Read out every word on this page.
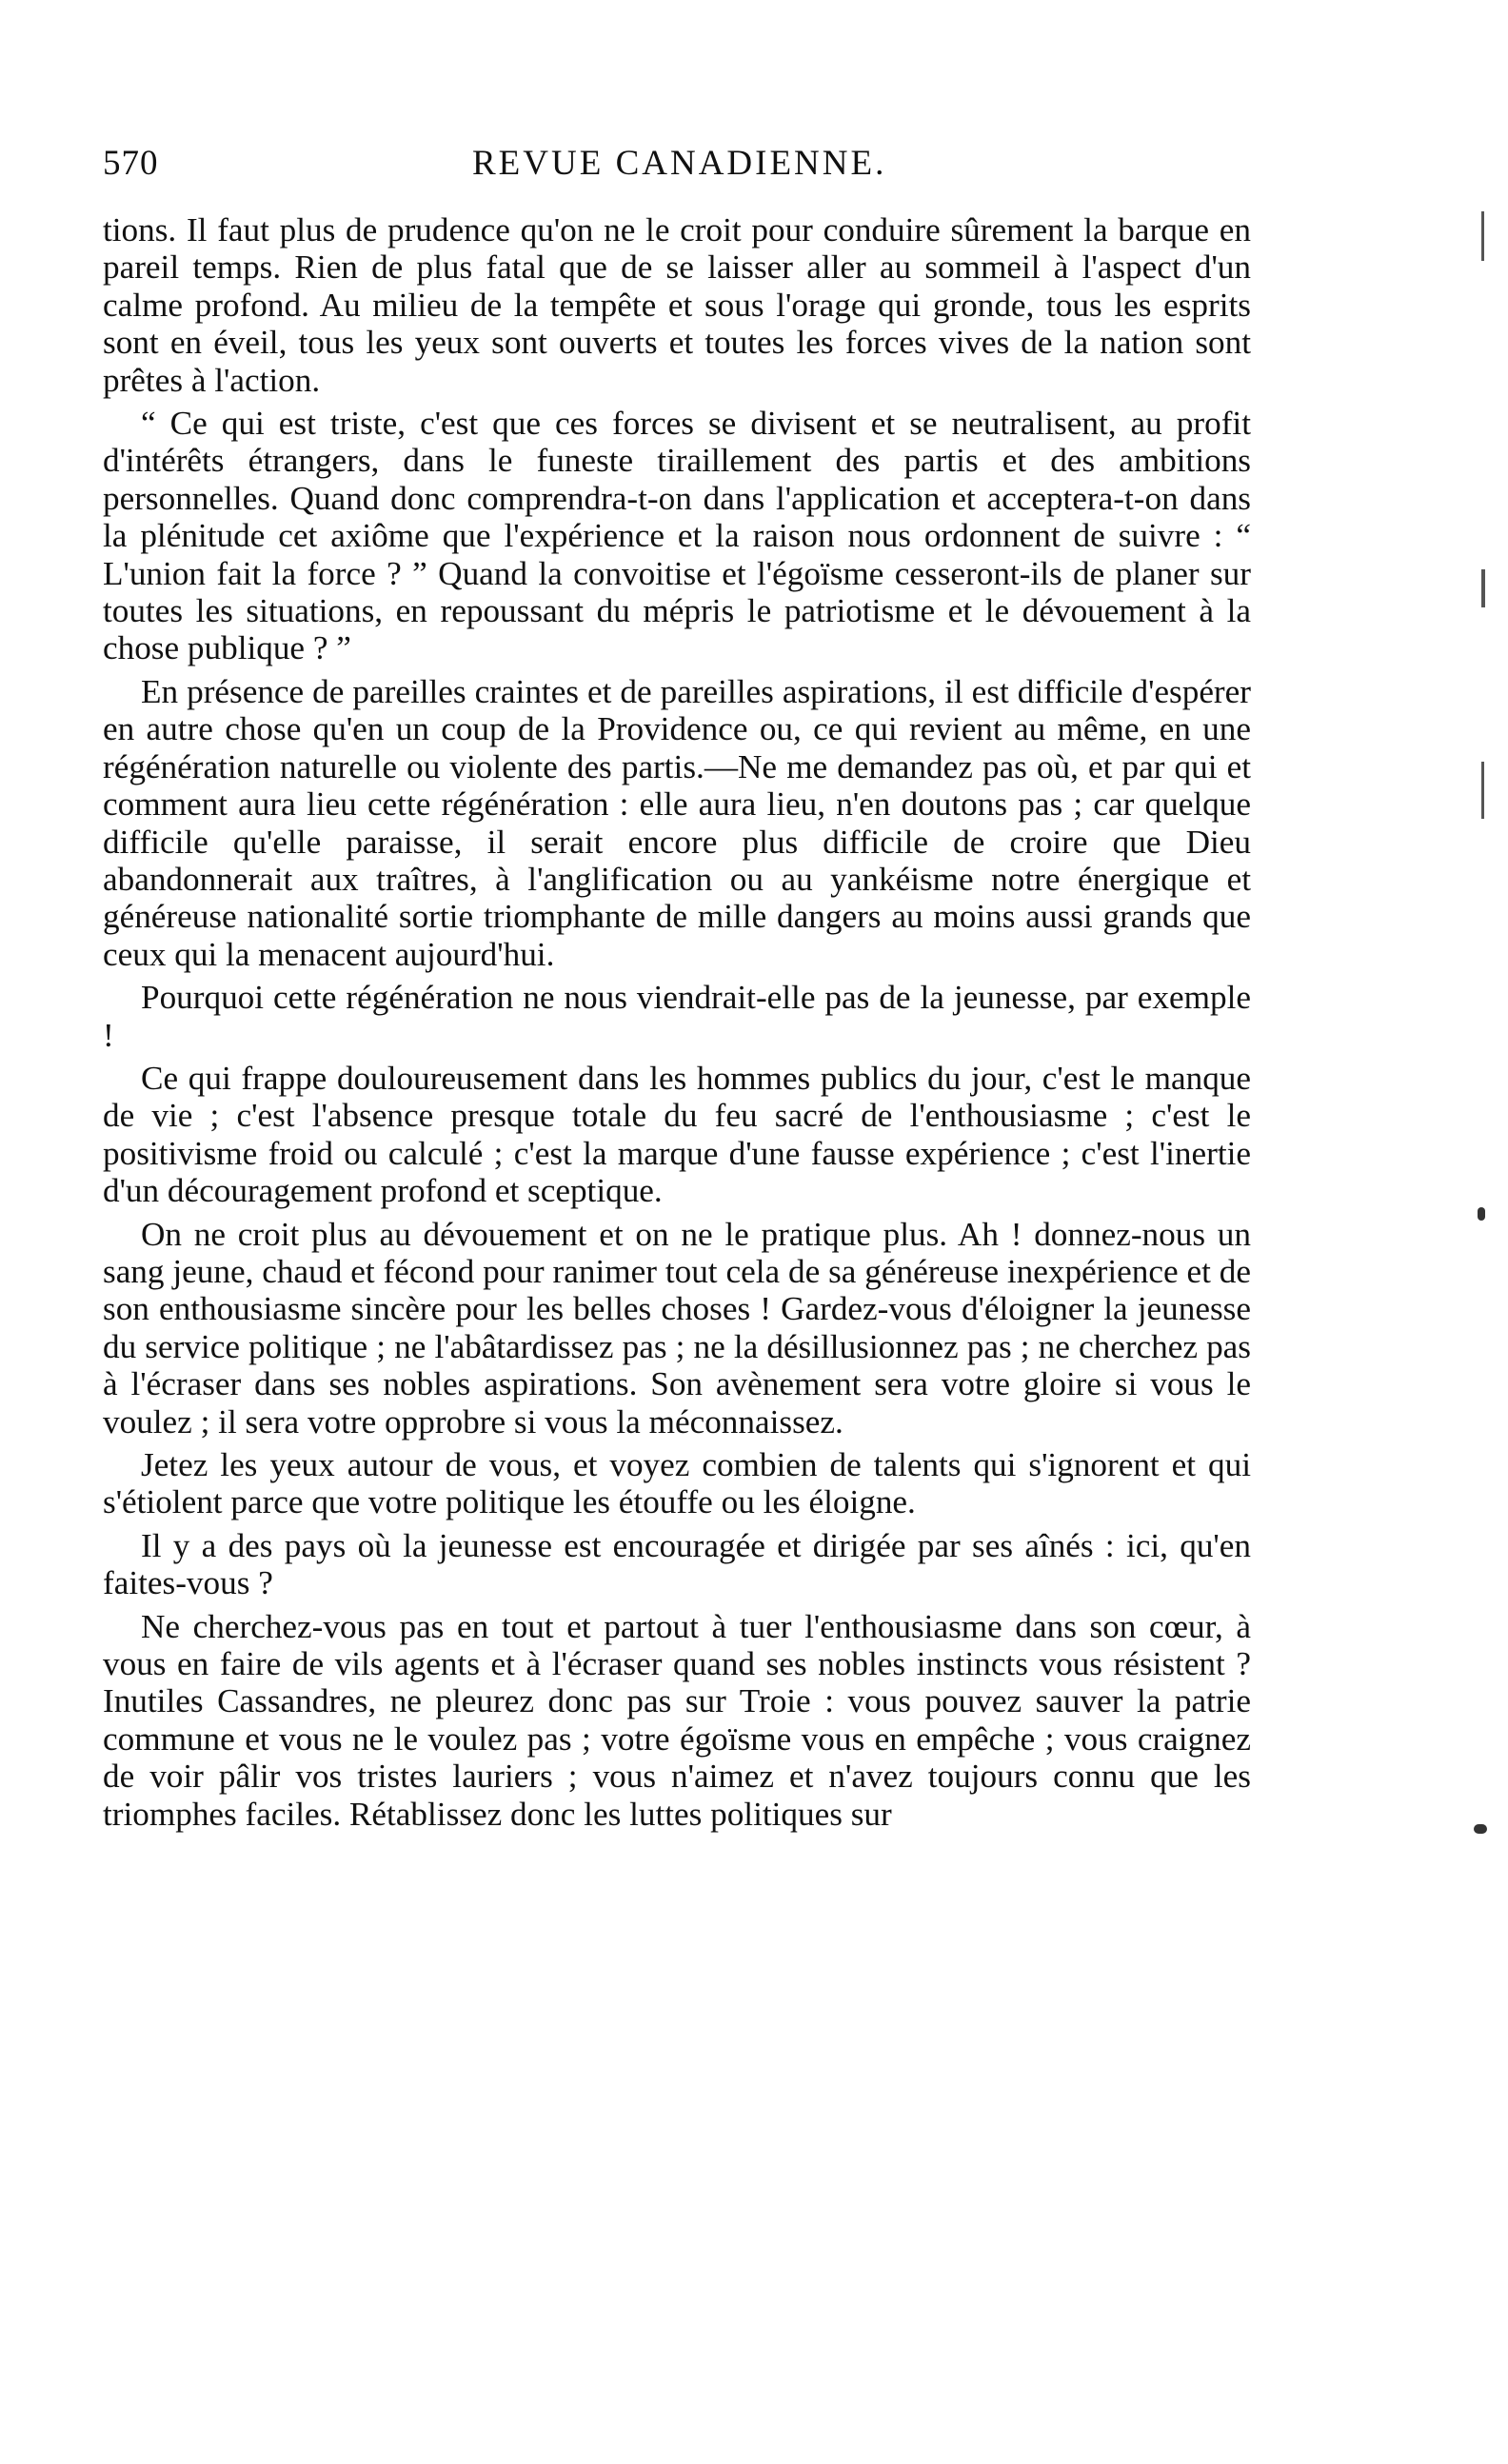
570	REVUE CANADIENNE.

tions. Il faut plus de prudence qu'on ne le croit pour conduire sûrement la barque en pareil temps. Rien de plus fatal que de se laisser aller au sommeil à l'aspect d'un calme profond. Au milieu de la tempête et sous l'orage qui gronde, tous les esprits sont en éveil, tous les yeux sont ouverts et toutes les forces vives de la nation sont prêtes à l'action.

“ Ce qui est triste, c'est que ces forces se divisent et se neutralisent, au profit d'intérêts étrangers, dans le funeste tiraillement des partis et des ambitions personnelles. Quand donc comprendra-t-on dans l'application et acceptera-t-on dans la plénitude cet axiôme que l'expérience et la raison nous ordonnent de suivre : “ L'union fait la force ? ” Quand la convoitise et l'égoïsme cesseront-ils de planer sur toutes les situations, en repoussant du mépris le patriotisme et le dévouement à la chose publique ? ”

En présence de pareilles craintes et de pareilles aspirations, il est difficile d'espérer en autre chose qu'en un coup de la Providence ou, ce qui revient au même, en une régénération naturelle ou violente des partis.—Ne me demandez pas où, et par qui et comment aura lieu cette régénération : elle aura lieu, n'en doutons pas ; car quelque difficile qu'elle paraisse, il serait encore plus difficile de croire que Dieu abandonnerait aux traîtres, à l'anglification ou au yankéisme notre énergique et généreuse nationalité sortie triomphante de mille dangers au moins aussi grands que ceux qui la menacent aujourd'hui.

Pourquoi cette régénération ne nous viendrait-elle pas de la jeunesse, par exemple !

Ce qui frappe douloureusement dans les hommes publics du jour, c'est le manque de vie ; c'est l'absence presque totale du feu sacré de l'enthousiasme ; c'est le positivisme froid ou calculé ; c'est la marque d'une fausse expérience ; c'est l'inertie d'un découragement profond et sceptique.

On ne croit plus au dévouement et on ne le pratique plus. Ah ! donnez-nous un sang jeune, chaud et fécond pour ranimer tout cela de sa généreuse inexpérience et de son enthousiasme sincère pour les belles choses ! Gardez-vous d'éloigner la jeunesse du service politique ; ne l'abâtardissez pas ; ne la désillusionnez pas ; ne cherchez pas à l'écraser dans ses nobles aspirations. Son avènement sera votre gloire si vous le voulez ; il sera votre opprobre si vous la méconnaissez.

Jetez les yeux autour de vous, et voyez combien de talents qui s'ignorent et qui s'étiolent parce que votre politique les étouffe ou les éloigne.

Il y a des pays où la jeunesse est encouragée et dirigée par ses aînés : ici, qu'en faites-vous ?

Ne cherchez-vous pas en tout et partout à tuer l'enthousiasme dans son cœur, à vous en faire de vils agents et à l'écraser quand ses nobles instincts vous résistent ? Inutiles Cassandres, ne pleurez donc pas sur Troie : vous pouvez sauver la patrie commune et vous ne le voulez pas ; votre égoïsme vous en empêche ; vous craignez de voir pâlir vos tristes lauriers ; vous n'aimez et n'avez toujours connu que les triomphes faciles. Rétablissez donc les luttes politiques sur
